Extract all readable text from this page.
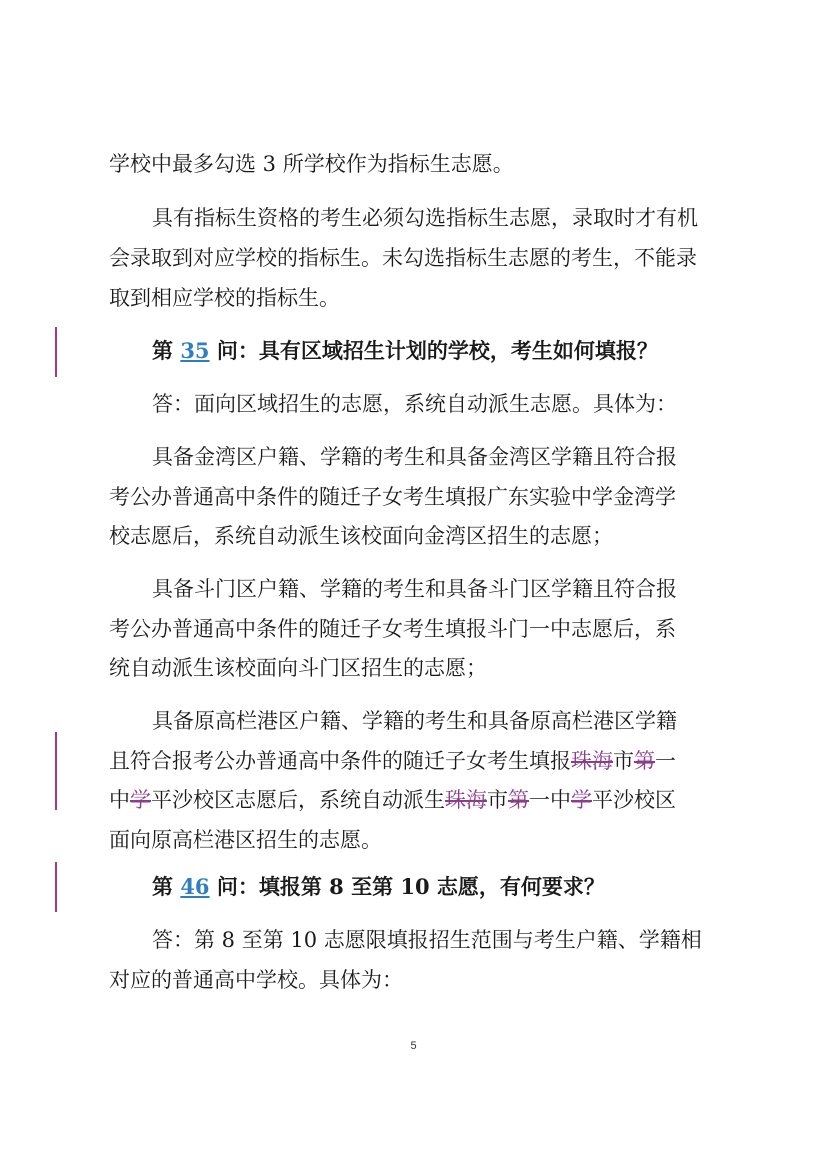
学校中最多勾选 3 所学校作为指标生志愿。
具有指标生资格的考生必须勾选指标生志愿，录取时才有机
会录取到对应学校的指标生。未勾选指标生志愿的考生，不能录
取到相应学校的指标生。
第 35 问：具有区域招生计划的学校，考生如何填报？
答：面向区域招生的志愿，系统自动派生志愿。具体为：
具备金湾区户籍、学籍的考生和具备金湾区学籍且符合报
考公办普通高中条件的随迁子女考生填报广东实验中学金湾学
校志愿后，系统自动派生该校面向金湾区招生的志愿；
具备斗门区户籍、学籍的考生和具备斗门区学籍且符合报
考公办普通高中条件的随迁子女考生填报斗门一中志愿后，系
统自动派生该校面向斗门区招生的志愿；
具备原高栏港区户籍、学籍的考生和具备原高栏港区学籍
且符合报考公办普通高中条件的随迁子女考生填报珠海市第一
中学平沙校区志愿后，系统自动派生珠海市第一中学平沙校区
面向原高栏港区招生的志愿。
第 46 问：填报第 8 至第 10 志愿，有何要求？
答：第 8 至第 10 志愿限填报招生范围与考生户籍、学籍相
对应的普通高中学校。具体为：
5
